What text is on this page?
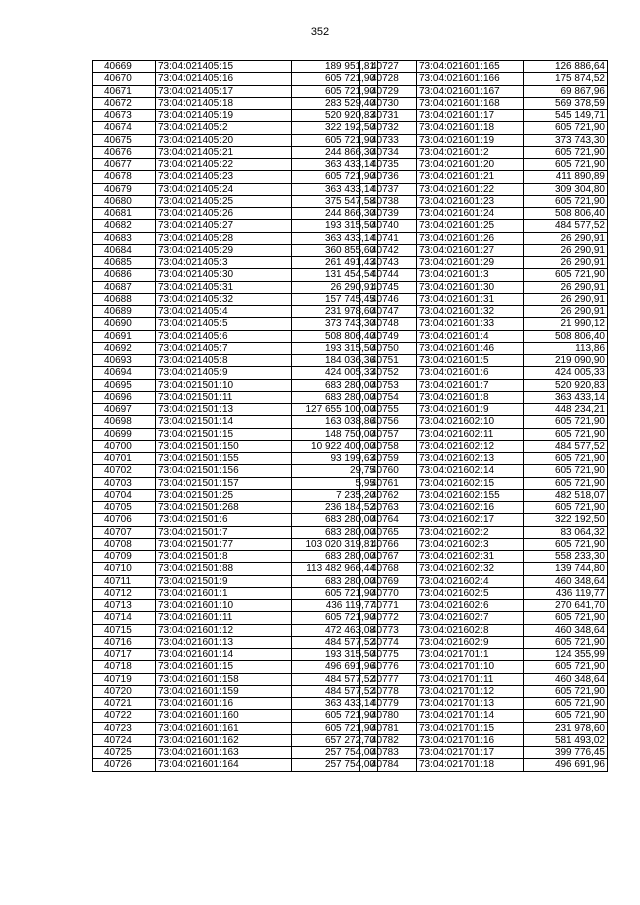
352
40669	73:04:021405:15	189 951,81
40670	73:04:021405:16	605 721,90
40671	73:04:021405:17	605 721,90
40672	73:04:021405:18	283 529,40
40673	73:04:021405:19	520 920,83
40674	73:04:021405:2	322 192,50
40675	73:04:021405:20	605 721,90
40676	73:04:021405:21	244 866,30
40677	73:04:021405:22	363 433,14
40678	73:04:021405:23	605 721,90
40679	73:04:021405:24	363 433,14
40680	73:04:021405:25	375 547,58
40681	73:04:021405:26	244 866,30
40682	73:04:021405:27	193 315,50
40683	73:04:021405:28	363 433,14
40684	73:04:021405:29	360 855,60
40685	73:04:021405:3	261 491,43
40686	73:04:021405:30	131 454,54
40687	73:04:021405:31	26 290,91
40688	73:04:021405:32	157 745,45
40689	73:04:021405:4	231 978,60
40690	73:04:021405:5	373 743,30
40691	73:04:021405:6	508 806,40
40692	73:04:021405:7	193 315,50
40693	73:04:021405:8	184 036,36
40694	73:04:021405:9	424 005,33
40695	73:04:021501:10	683 280,00
40696	73:04:021501:11	683 280,00
40697	73:04:021501:13	127 655 100,00
40698	73:04:021501:14	163 038,86
40699	73:04:021501:15	148 750,00
40700	73:04:021501:150	10 922 400,00
40701	73:04:021501:155	93 199,63
40702	73:04:021501:156	29,75
40703	73:04:021501:157	5,95
40704	73:04:021501:25	7 235,20
40705	73:04:021501:268	236 184,52
40706	73:04:021501:6	683 280,00
40707	73:04:021501:7	683 280,00
40708	73:04:021501:77	103 020 319,81
40709	73:04:021501:8	683 280,00
40710	73:04:021501:88	113 482 966,44
40711	73:04:021501:9	683 280,00
40712	73:04:021601:1	605 721,90
40713	73:04:021601:10	436 119,77
40714	73:04:021601:11	605 721,90
40715	73:04:021601:12	472 463,08
40716	73:04:021601:13	484 577,52
40717	73:04:021601:14	193 315,50
40718	73:04:021601:15	496 691,96
40719	73:04:021601:158	484 577,52
40720	73:04:021601:159	484 577,52
40721	73:04:021601:16	363 433,14
40722	73:04:021601:160	605 721,90
40723	73:04:021601:161	605 721,90
40724	73:04:021601:162	657 272,70
40725	73:04:021601:163	257 754,00
40726	73:04:021601:164	257 754,00
40727	73:04:021601:165	126 886,64
40728	73:04:021601:166	175 874,52
40729	73:04:021601:167	69 867,96
40730	73:04:021601:168	569 378,59
40731	73:04:021601:17	545 149,71
40732	73:04:021601:18	605 721,90
40733	73:04:021601:19	373 743,30
40734	73:04:021601:2	605 721,90
40735	73:04:021601:20	605 721,90
40736	73:04:021601:21	411 890,89
40737	73:04:021601:22	309 304,80
40738	73:04:021601:23	605 721,90
40739	73:04:021601:24	508 806,40
40740	73:04:021601:25	484 577,52
40741	73:04:021601:26	26 290,91
40742	73:04:021601:27	26 290,91
40743	73:04:021601:29	26 290,91
40744	73:04:021601:3	605 721,90
40745	73:04:021601:30	26 290,91
40746	73:04:021601:31	26 290,91
40747	73:04:021601:32	26 290,91
40748	73:04:021601:33	21 990,12
40749	73:04:021601:4	508 806,40
40750	73:04:021601:46	113,86
40751	73:04:021601:5	219 090,90
40752	73:04:021601:6	424 005,33
40753	73:04:021601:7	520 920,83
40754	73:04:021601:8	363 433,14
40755	73:04:021601:9	448 234,21
40756	73:04:021602:10	605 721,90
40757	73:04:021602:11	605 721,90
40758	73:04:021602:12	484 577,52
40759	73:04:021602:13	605 721,90
40760	73:04:021602:14	605 721,90
40761	73:04:021602:15	605 721,90
40762	73:04:021602:155	482 518,07
40763	73:04:021602:16	605 721,90
40764	73:04:021602:17	322 192,50
40765	73:04:021602:2	83 064,32
40766	73:04:021602:3	605 721,90
40767	73:04:021602:31	558 233,30
40768	73:04:021602:32	139 744,80
40769	73:04:021602:4	460 348,64
40770	73:04:021602:5	436 119,77
40771	73:04:021602:6	270 641,70
40772	73:04:021602:7	605 721,90
40773	73:04:021602:8	460 348,64
40774	73:04:021602:9	605 721,90
40775	73:04:021701:1	124 355,99
40776	73:04:021701:10	605 721,90
40777	73:04:021701:11	460 348,64
40778	73:04:021701:12	605 721,90
40779	73:04:021701:13	605 721,90
40780	73:04:021701:14	605 721,90
40781	73:04:021701:15	231 978,60
40782	73:04:021701:16	581 493,02
40783	73:04:021701:17	399 776,45
40784	73:04:021701:18	496 691,96
